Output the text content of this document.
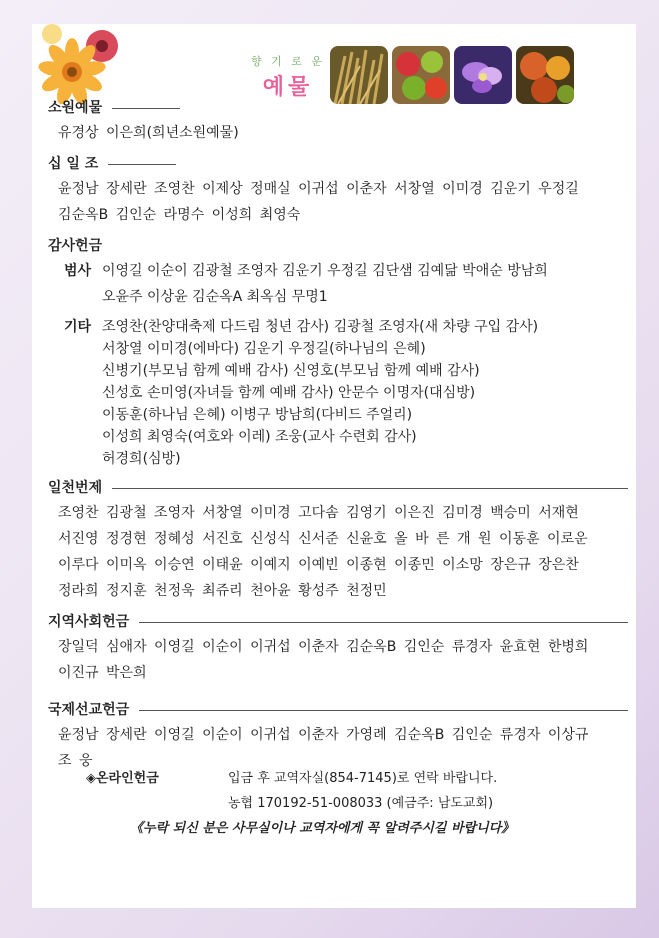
향 기 로 운
예물
소원예물
유경상 이은희(희년소원예물)
십 일 조
윤정남 장세란 조영찬 이제상 정매실 이귀섭 이춘자 서창열 이미경 김운기 우정길
김순옥B 김인순 라명수 이성희 최영숙
감사헌금
범사 이영길 이순이 김광철 조영자 김운기 우정길 김단샘 김예닮 박애순 방남희
오윤주 이상윤 김순옥A 최옥심 무명1
기타 조영찬(찬양대축제 다드림 청년 감사) 김광철 조영자(새 차량 구입 감사)
서창열 이미경(에바다) 김운기 우정길(하나님의 은혜)
신병기(부모님 함께 예배 감사) 신영호(부모님 함께 예배 감사)
신성호 손미영(자녀들 함께 예배 감사) 안문수 이명자(대심방)
이동훈(하나님 은혜) 이병구 방남희(다비드 주얼리)
이성희 최영숙(여호와 이레) 조웅(교사 수련회 감사)
허경희(심방)
일천번제
조영찬 김광철 조영자 서창열 이미경 고다솜 김영기 이은진 김미경 백승미 서재현
서진영 정경현 정혜성 서진호 신성식 신서준 신윤호 올 바 른 개 원 이동훈 이로운
이루다 이미옥 이승연 이태윤 이예지 이예빈 이종현 이종민 이소망 장은규 장은찬
정라희 정지훈 천정욱 최쥬리 천아윤 황성주 천정민
지역사회헌금
장일덕 심애자 이영길 이순이 이귀섭 이춘자 김순옥B 김인순 류경자 윤효현 한병희
이진규 박은희
국제선교헌금
윤정남 장세란 이영길 이순이 이귀섭 이춘자 가영례 김순옥B 김인순 류경자 이상규
조 웅
◈온라인헌금	입금 후 교역자실(854-7145)로 연락 바랍니다.
농협 170192-51-008033 (예금주: 남도교회)
《누락 되신 분은 사무실이나 교역자에게 꼭 알려주시길 바랍니다》
